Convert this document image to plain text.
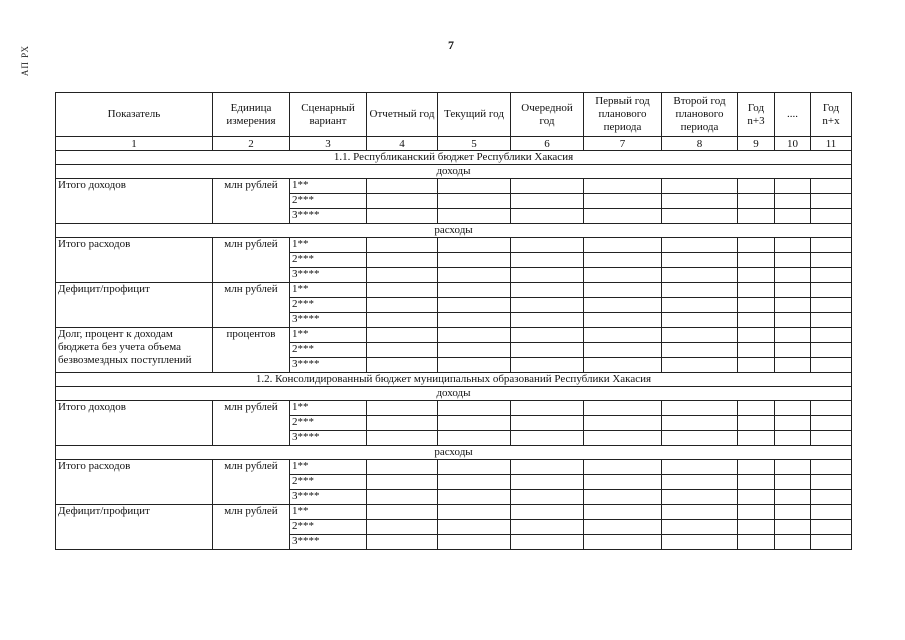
АП РХ	7
Показатель	Единица измерения	Сценарный вариант	Отчетный год	Текущий год	Очередной год	Первый год планового периода	Второй год планового периода	Год n+3	....	Год n+x
1	2	3	4	5	6	7	8	9	10	11
1.1. Республиканский бюджет Республики Хакасия										
доходы										
Итого доходов	млн рублей	1**								
		2***								
		3****								
расходы										
Итого расходов	млн рублей	1**								
		2***								
		3****								
Дефицит/профицит	млн рублей	1**								
		2***								
		3****								
Долг, процент к доходам бюджета без учета объема безвозмездных поступлений	процентов	1**								
		2***								
		3****								
1.2. Консолидированный бюджет муниципальных образований Республики Хакасия										
доходы										
Итого доходов	млн рублей	1**								
		2***								
		3****								
расходы										
Итого расходов	млн рублей	1**								
		2***								
		3****								
Дефицит/профицит	млн рублей	1**								
		2***								
		3****								
